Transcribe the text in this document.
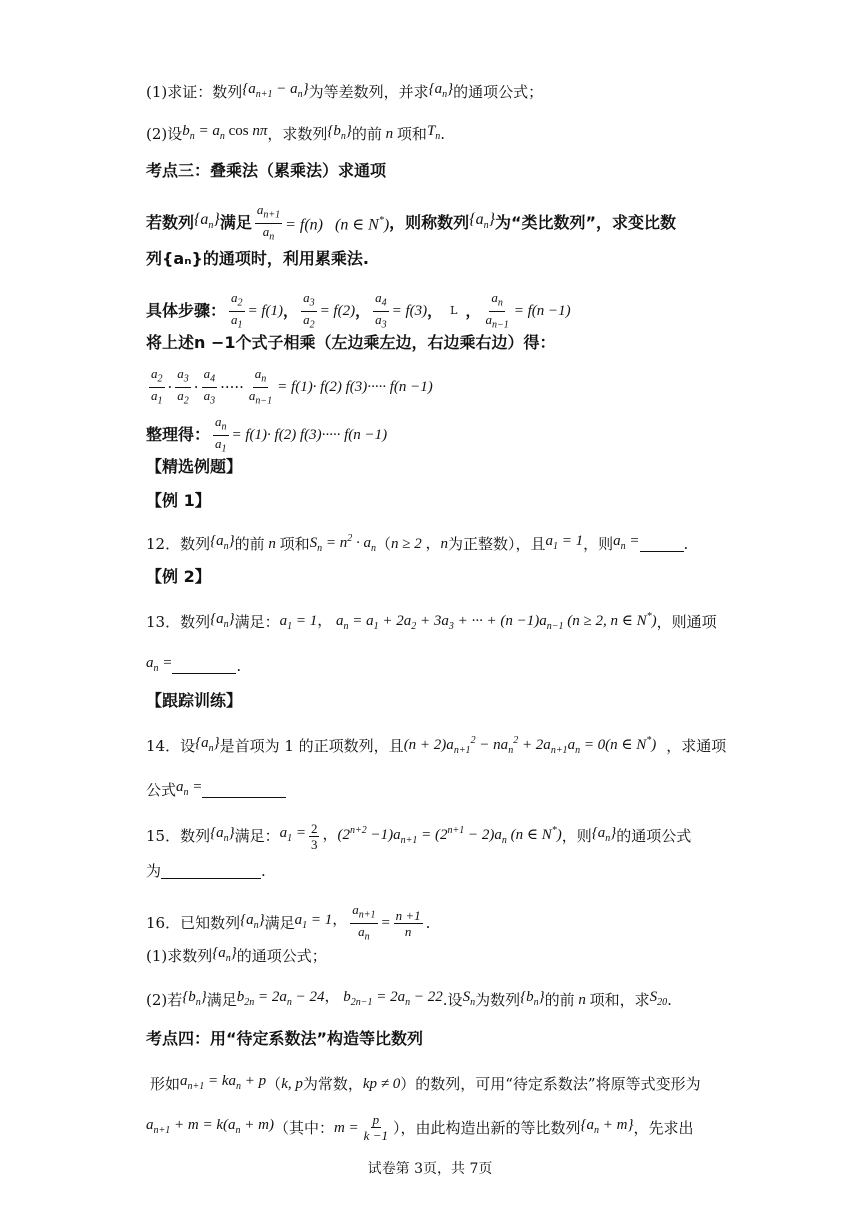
(1)求证：数列 $\{a_{n+1} - a_n\}$ 为等差数列，并求 $\{a_n\}$ 的通项公式；
(2)设 $b_n = a_n$ cos nπ ，求数列 $\{b_n\}$ 的前 n 项和 $T_n$ .
考点三：叠乘法（累乘法）求通项
若数列 $\{a_n\}$ 满足 $\frac{a_{n+1}}{a_n} = f(n)$   (n ∈ N*) ，则称数列 $\{a_n\}$ 为“类比数列”，求变比数
列{aₙ}的通项时，利用累乘法.
具体步骤： $\frac{a_2}{a_1} = f(1)$ ， $\frac{a_3}{a_2} = f(2)$ ， $\frac{a_4}{a_3} = f(3)$ ， L ， $\frac{a_n}{a_{n-1}} = f(n -1)$
将上述n −1个式子相乘（左边乘左边，右边乘右边）得：
$\frac{a_2}{a_1} \cdot \frac{a_3}{a_2} \cdot \frac{a_4}{a_3}$ ····· $\frac{a_n}{a_{n-1}} = f(1)\cdot f(2)$ f(3)····· f(n −1)
整理得： $\frac{a_n}{a_1} = f(1)\cdot f(2)$ f(3)····· f(n −1)
【精选例题】
【例 1】
12．数列 $\{a_n\}$ 的前 n 项和 $S_n = n^2 \cdot a_n$ （ n ≥ 2 ，n 为正整数），且 $a_1 = 1$ ，则 $a_n$ =	.
【例 2】
13．数列 $\{a_n\}$ 满足： $a_1 = 1$， $a_n = a_1 + 2a_2 + 3a_3$ + ··· + $(n -1)a_{n-1}$ (n ≥ 2, n ∈ N*) ，则通项
$a_n$ =	.
【跟踪训练】
14．设 $\{a_n\}$ 是首项为 1 的正项数列，且 $(n + 2)a_{n+1}^2 - na_n^2 + 2a_{n+1}a_n = 0(n$ ∈ N*) ，求通项
公式 $a_n$ =
15．数列 $\{a_n\}$ 满足： $a_1 = \frac{2}{3}$ ，$(2^{n+2} -1)a_{n+1} = (2^{n+1} - 2)a_n$ (n ∈ N*) ，则 $\{a_n\}$ 的通项公式
为	.
16．已知数列 $\{a_n\}$ 满足 $a_1 = 1$， $\frac{a_{n+1}}{a_n} = \frac{n +1}{n}$ .
(1)求数列 $\{a_n\}$ 的通项公式；
(2)若 $\{b_n\}$ 满足 $b_{2n} = 2a_n - 24$， $b_{2n-1} = 2a_n - 22$ .设 $S_n$ 为数列 $\{b_n\}$ 的前 n 项和，求 $S_{20}$ .
考点四：用“待定系数法”构造等比数列
形如 $a_{n+1} = ka_n + p$ （ k, p 为常数， kp ≠ 0 ）的数列，可用“待定系数法”将原等式变形为
$a_{n+1} + m = k(a_n + m)$ （其中： $m = \frac{p}{k -1}$ ），由此构造出新的等比数列 $\{a_n + m\}$ ，先求出
试卷第 3页，共 7页
